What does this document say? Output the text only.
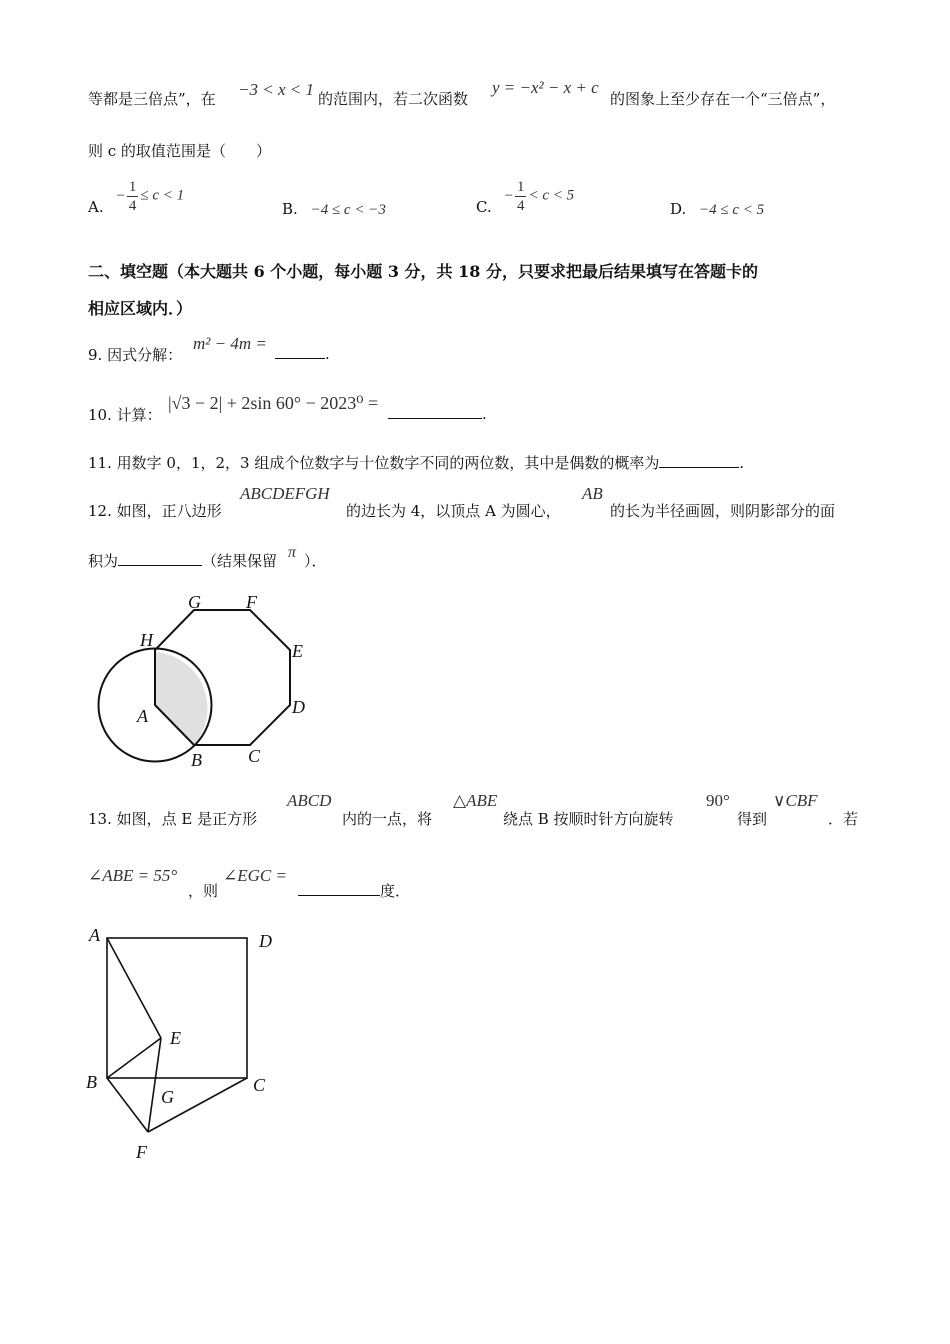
等都是三倍点”，在 −3 < x < 1 的范围内，若二次函数
y = −x² − x + c
的图象上至少存在一个“三倍点”，
则 c 的取值范围是（　　）
A. − $\frac{1}{4} \le c < 1$
B. −4 ≤ c < −3	C. − $\frac{1}{4} < c < 5$
D. −4 ≤ c < 5
二、填空题（本大题共 6 个小题，每小题 3 分，共 18 分，只要求把最后结果填写在答题卡的
相应区域内．）
9. 因式分解：
m² − 4m =
.
10. 计算：
|√3 − 2| + 2sin 60° − 2023⁰ =
.
11. 用数字 0，1，2，3 组成个位数字与十位数字不同的两位数，其中是偶数的概率为	.
12. 如图，正八边形
ABCDEFGH
的边长为 4，以顶点 A 为圆心，
AB
的长为半径画圆，则阴影部分的面
积为	（结果保留 π ）．
G	F
H
E
A	D
B	C
13. 如图，点 E 是正方形
ABCD
内的一点，将
△ABE
绕点 B 按顺时针方向旋转
90°
得到
∨CBF
．若
∠ABE = 55°
，则
∠EGC =
度．
A	D
E
B
G
C
F
